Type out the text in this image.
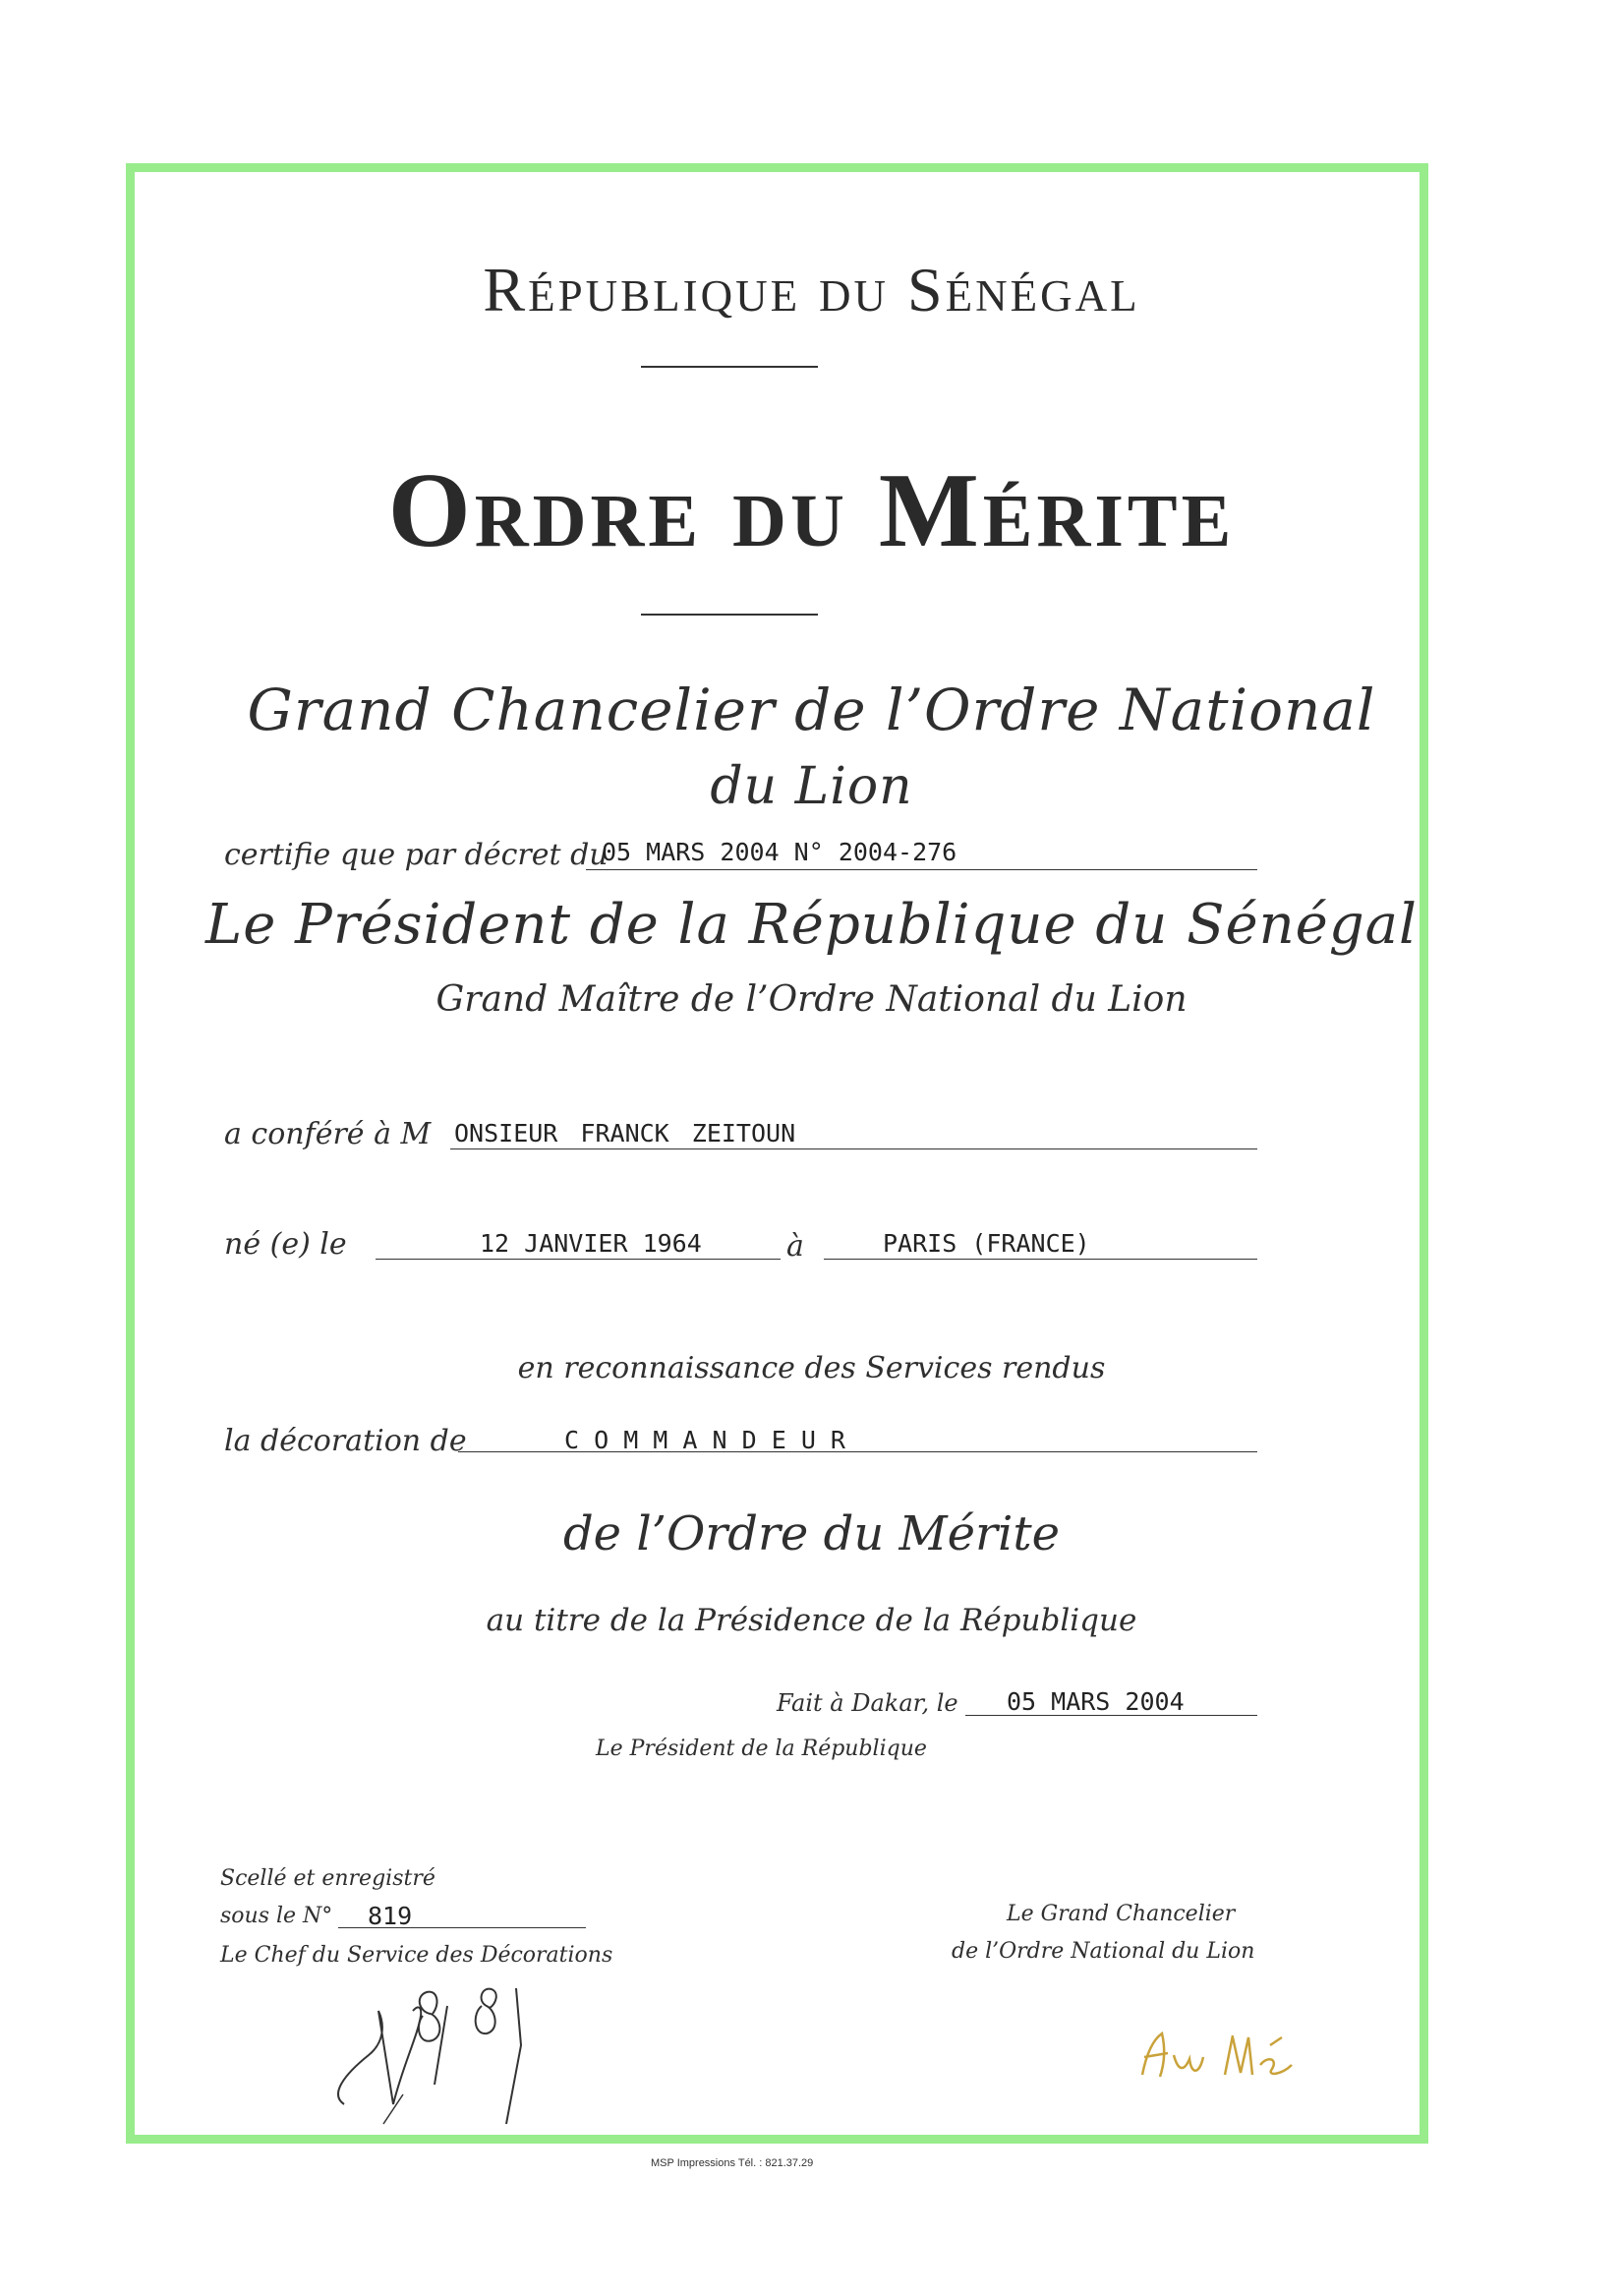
République du Sénégal
Ordre du Mérite
Grand Chancelier de l’Ordre National
du Lion
certifie que par décret du
05 MARS 2004 N° 2004-276
Le Président de la République du Sénégal
Grand Maître de l’Ordre National du Lion
a conféré à M ONSIEUR FRANCK ZEITOUN
né (e) le	12 JANVIER 1964	à	PARIS (FRANCE)
en reconnaissance des Services rendus
la décoration de	C O M M A N D E U R
de l’Ordre du Mérite
au titre de la Présidence de la République
Fait à Dakar, le 05 MARS 2004
Le Président de la République
Scellé et enregistré
sous le N° 819
Le Chef du Service des Décorations
Le Grand Chancelier
de l’Ordre National du Lion
MSP Impressions Tél. : 821.37.29
